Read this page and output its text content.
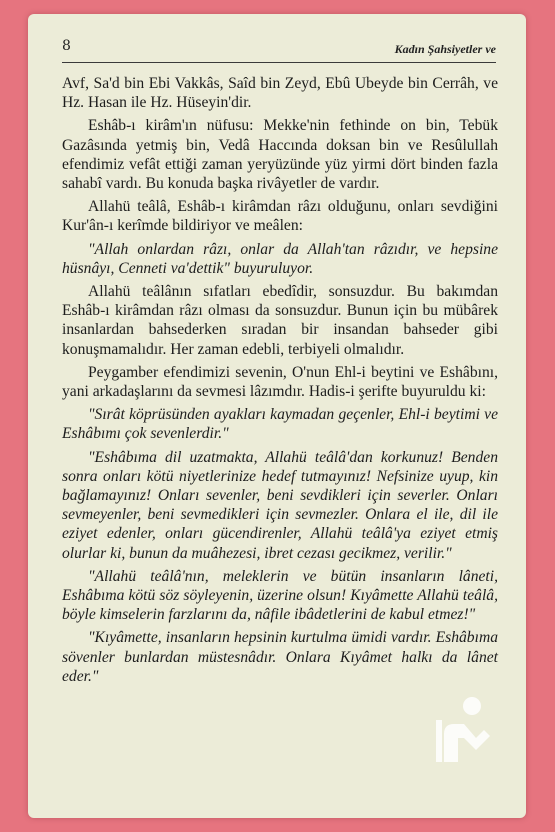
8	Kadın Şahsiyetler ve

Avf, Sa'd bin Ebi Vakkâs, Saîd bin Zeyd, Ebû Ubeyde bin Cerrâh, ve Hz. Hasan ile Hz. Hüseyin'dir.

Eshâb-ı kirâm'ın nüfusu: Mekke'nin fethinde on bin, Tebük Gazâsında yetmiş bin, Vedâ Haccında doksan bin ve Resûlullah efendimiz vefât ettiği zaman yeryüzünde yüz yirmi dört binden fazla sahabî vardı. Bu konuda başka rivâyetler de vardır.

Allahü teâlâ, Eshâb-ı kirâmdan râzı olduğunu, onları sevdiğini Kur'ân-ı kerîmde bildiriyor ve meâlen:

"Allah onlardan râzı, onlar da Allah'tan râzıdır, ve hepsine hüsnâyı, Cenneti va'dettik" buyuruluyor.

Allahü teâlânın sıfatları ebedîdir, sonsuzdur. Bu bakımdan Eshâb-ı kirâmdan râzı olması da sonsuzdur. Bunun için bu mübârek insanlardan bahsederken sıradan bir insandan bahseder gibi konuşmamalıdır. Her zaman edebli, terbiyeli olmalıdır.

Peygamber efendimizi sevenin, O'nun Ehl-i beytini ve Eshâbını, yani arkadaşlarını da sevmesi lâzımdır. Hadis-i şerifte buyuruldu ki:

"Sırât köprüsünden ayakları kaymadan geçenler, Ehl-i beytimi ve Eshâbımı çok sevenlerdir."

"Eshâbıma dil uzatmakta, Allahü teâlâ'dan korkunuz! Benden sonra onları kötü niyetlerinize hedef tutmayınız! Nefsinize uyup, kin bağlamayınız! Onları sevenler, beni sevdikleri için severler. Onları sevmeyenler, beni sevmedikleri için sevmezler. Onlara el ile, dil ile eziyet edenler, onları gücendirenler, Allahü teâlâ'ya eziyet etmiş olurlar ki, bunun da muâhezesi, ibret cezası gecikmez, verilir."

"Allahü teâlâ'nın, meleklerin ve bütün insanların lâneti, Eshâbıma kötü söz söyleyenin, üzerine olsun! Kıyâmette Allahü teâlâ, böyle kimselerin farzlarını da, nâfile ibâdetlerini de kabul etmez!"

"Kıyâmette, insanların hepsinin kurtulma ümidi vardır. Eshâbıma sövenler bunlardan müstesnâdır. Onlara Kıyâmet halkı da lânet eder."
